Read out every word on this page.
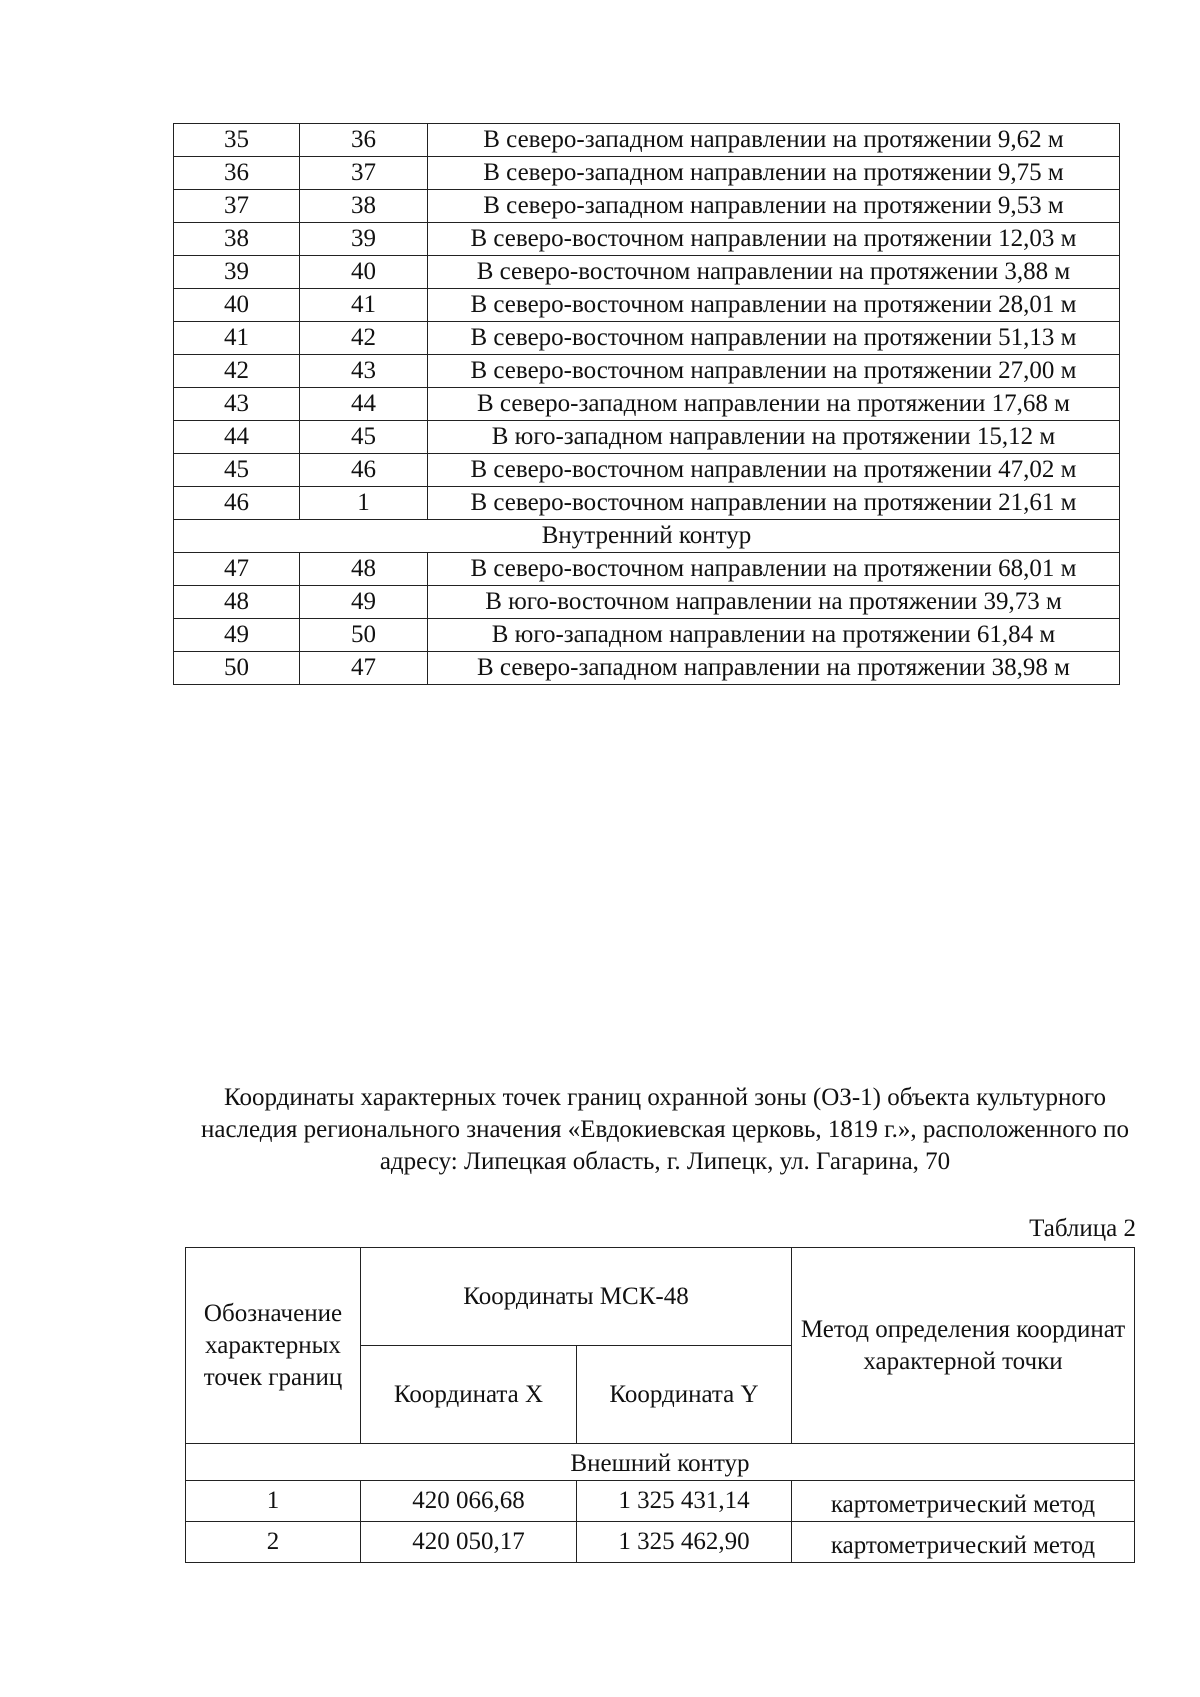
35	36	В северо-западном направлении на протяжении 9,62 м
36	37	В северо-западном направлении на протяжении 9,75 м
37	38	В северо-западном направлении на протяжении 9,53 м
38	39	В северо-восточном направлении на протяжении 12,03 м
39	40	В северо-восточном направлении на протяжении 3,88 м
40	41	В северо-восточном направлении на протяжении 28,01 м
41	42	В северо-восточном направлении на протяжении 51,13 м
42	43	В северо-восточном направлении на протяжении 27,00 м
43	44	В северо-западном направлении на протяжении 17,68 м
44	45	В юго-западном направлении на протяжении 15,12 м
45	46	В северо-восточном направлении на протяжении 47,02 м
46	1	В северо-восточном направлении на протяжении 21,61 м
Внутренний контур		
47	48	В северо-восточном направлении на протяжении 68,01 м
48	49	В юго-восточном направлении на протяжении 39,73 м
49	50	В юго-западном направлении на протяжении 61,84 м
50	47	В северо-западном направлении на протяжении 38,98 м
Координаты характерных точек границ охранной зоны (ОЗ-1) объекта культурного наследия регионального значения «Евдокиевская церковь, 1819 г.», расположенного по адресу: Липецкая область, г. Липецк, ул. Гагарина, 70
Таблица 2
Обозначение характерных точек границ	Координаты МСК-48		Метод определения координат характерной точки
	Координата X	Координата Y	
Внешний контур			
1	420 066,68	1 325 431,14	картометрический метод
2	420 050,17	1 325 462,90	картометрический метод
